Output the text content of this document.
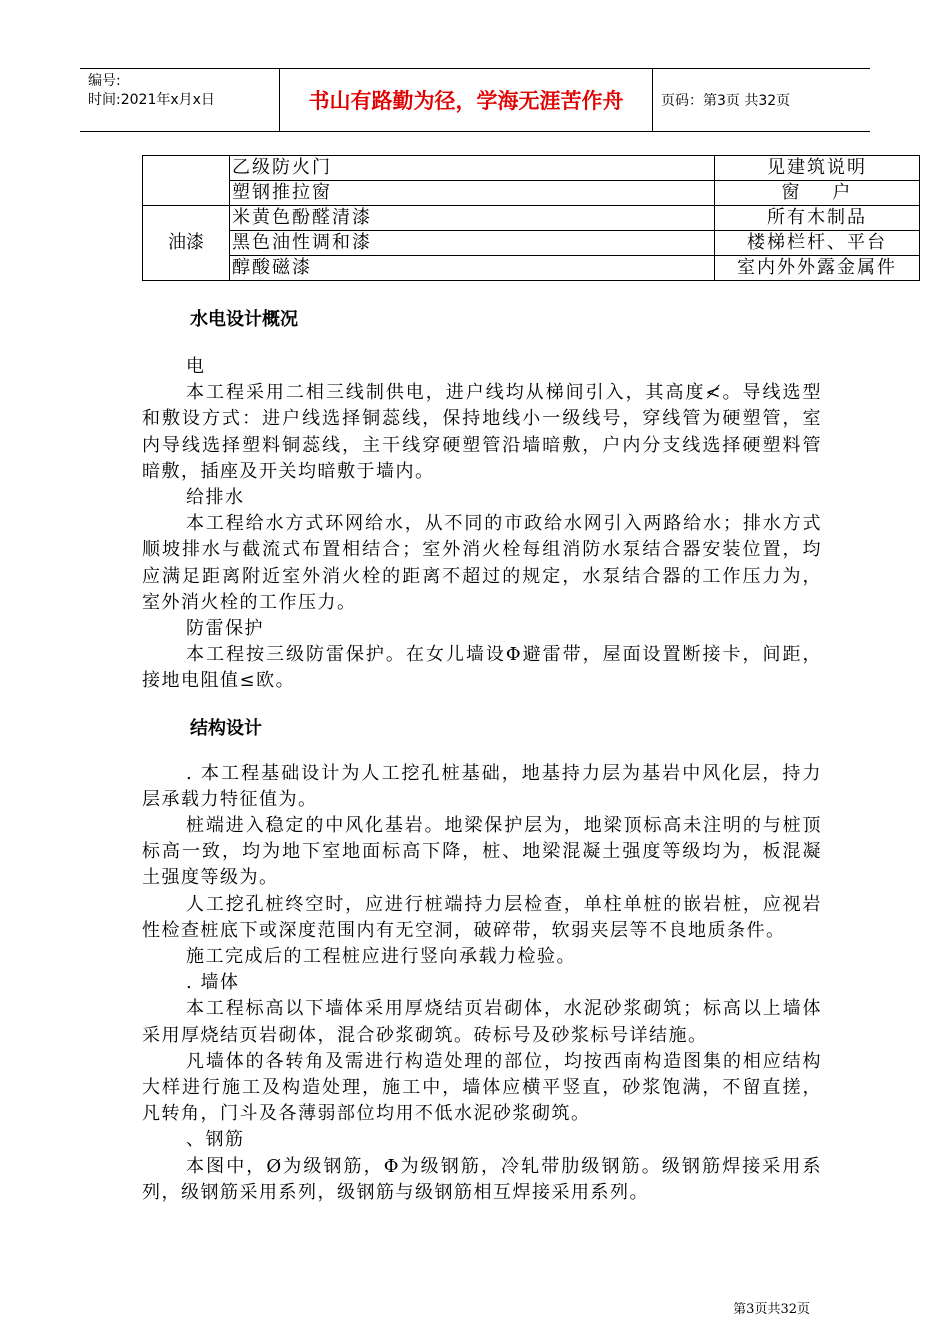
编号:
时间:2021年x月x日	书山有路勤为径，学海无涯苦作舟	页码：第3页 共32页
	乙级防火门	见建筑说明
	塑钢推拉窗	窗    户
油漆	米黄色酚醛清漆	所有木制品
	黑色油性调和漆	楼梯栏杆、平台
	醇酸磁漆	室内外外露金属件
水电设计概况

电

本工程采用二相三线制供电，进户线均从梯间引入，其高度≮。导线选型和敷设方式：进户线选择铜蕊线，保持地线小一级线号，穿线管为硬塑管，室内导线选择塑料铜蕊线，主干线穿硬塑管沿墙暗敷，户内分支线选择硬塑料管暗敷，插座及开关均暗敷于墙内。

给排水

本工程给水方式环网给水，从不同的市政给水网引入两路给水；排水方式顺坡排水与截流式布置相结合；室外消火栓每组消防水泵结合器安装位置，均应满足距离附近室外消火栓的距离不超过的规定，水泵结合器的工作压力为，室外消火栓的工作压力。

防雷保护

本工程按三级防雷保护。在女儿墙设Φ避雷带，屋面设置断接卡，间距，接地电阻值≤欧。

结构设计

. 本工程基础设计为人工挖孔桩基础，地基持力层为基岩中风化层，持力层承载力特征值为。

桩端进入稳定的中风化基岩。地梁保护层为，地梁顶标高未注明的与桩顶标高一致，均为地下室地面标高下降，桩、地梁混凝土强度等级均为，板混凝土强度等级为。

人工挖孔桩终空时，应进行桩端持力层检查，单柱单桩的嵌岩桩，应视岩性检查桩底下或深度范围内有无空洞，破碎带，软弱夹层等不良地质条件。

施工完成后的工程桩应进行竖向承载力检验。

. 墙体

本工程标高以下墙体采用厚烧结页岩砌体，水泥砂浆砌筑；标高以上墙体采用厚烧结页岩砌体，混合砂浆砌筑。砖标号及砂浆标号详结施。

凡墙体的各转角及需进行构造处理的部位，均按西南构造图集的相应结构大样进行施工及构造处理，施工中，墙体应横平竖直，砂浆饱满，不留直搓，凡转角，门斗及各薄弱部位均用不低水泥砂浆砌筑。

、钢筋

本图中，Ø为级钢筋，Φ为级钢筋，冷轧带肋级钢筋。级钢筋焊接采用系列，级钢筋采用系列，级钢筋与级钢筋相互焊接采用系列。

第3页共32页
